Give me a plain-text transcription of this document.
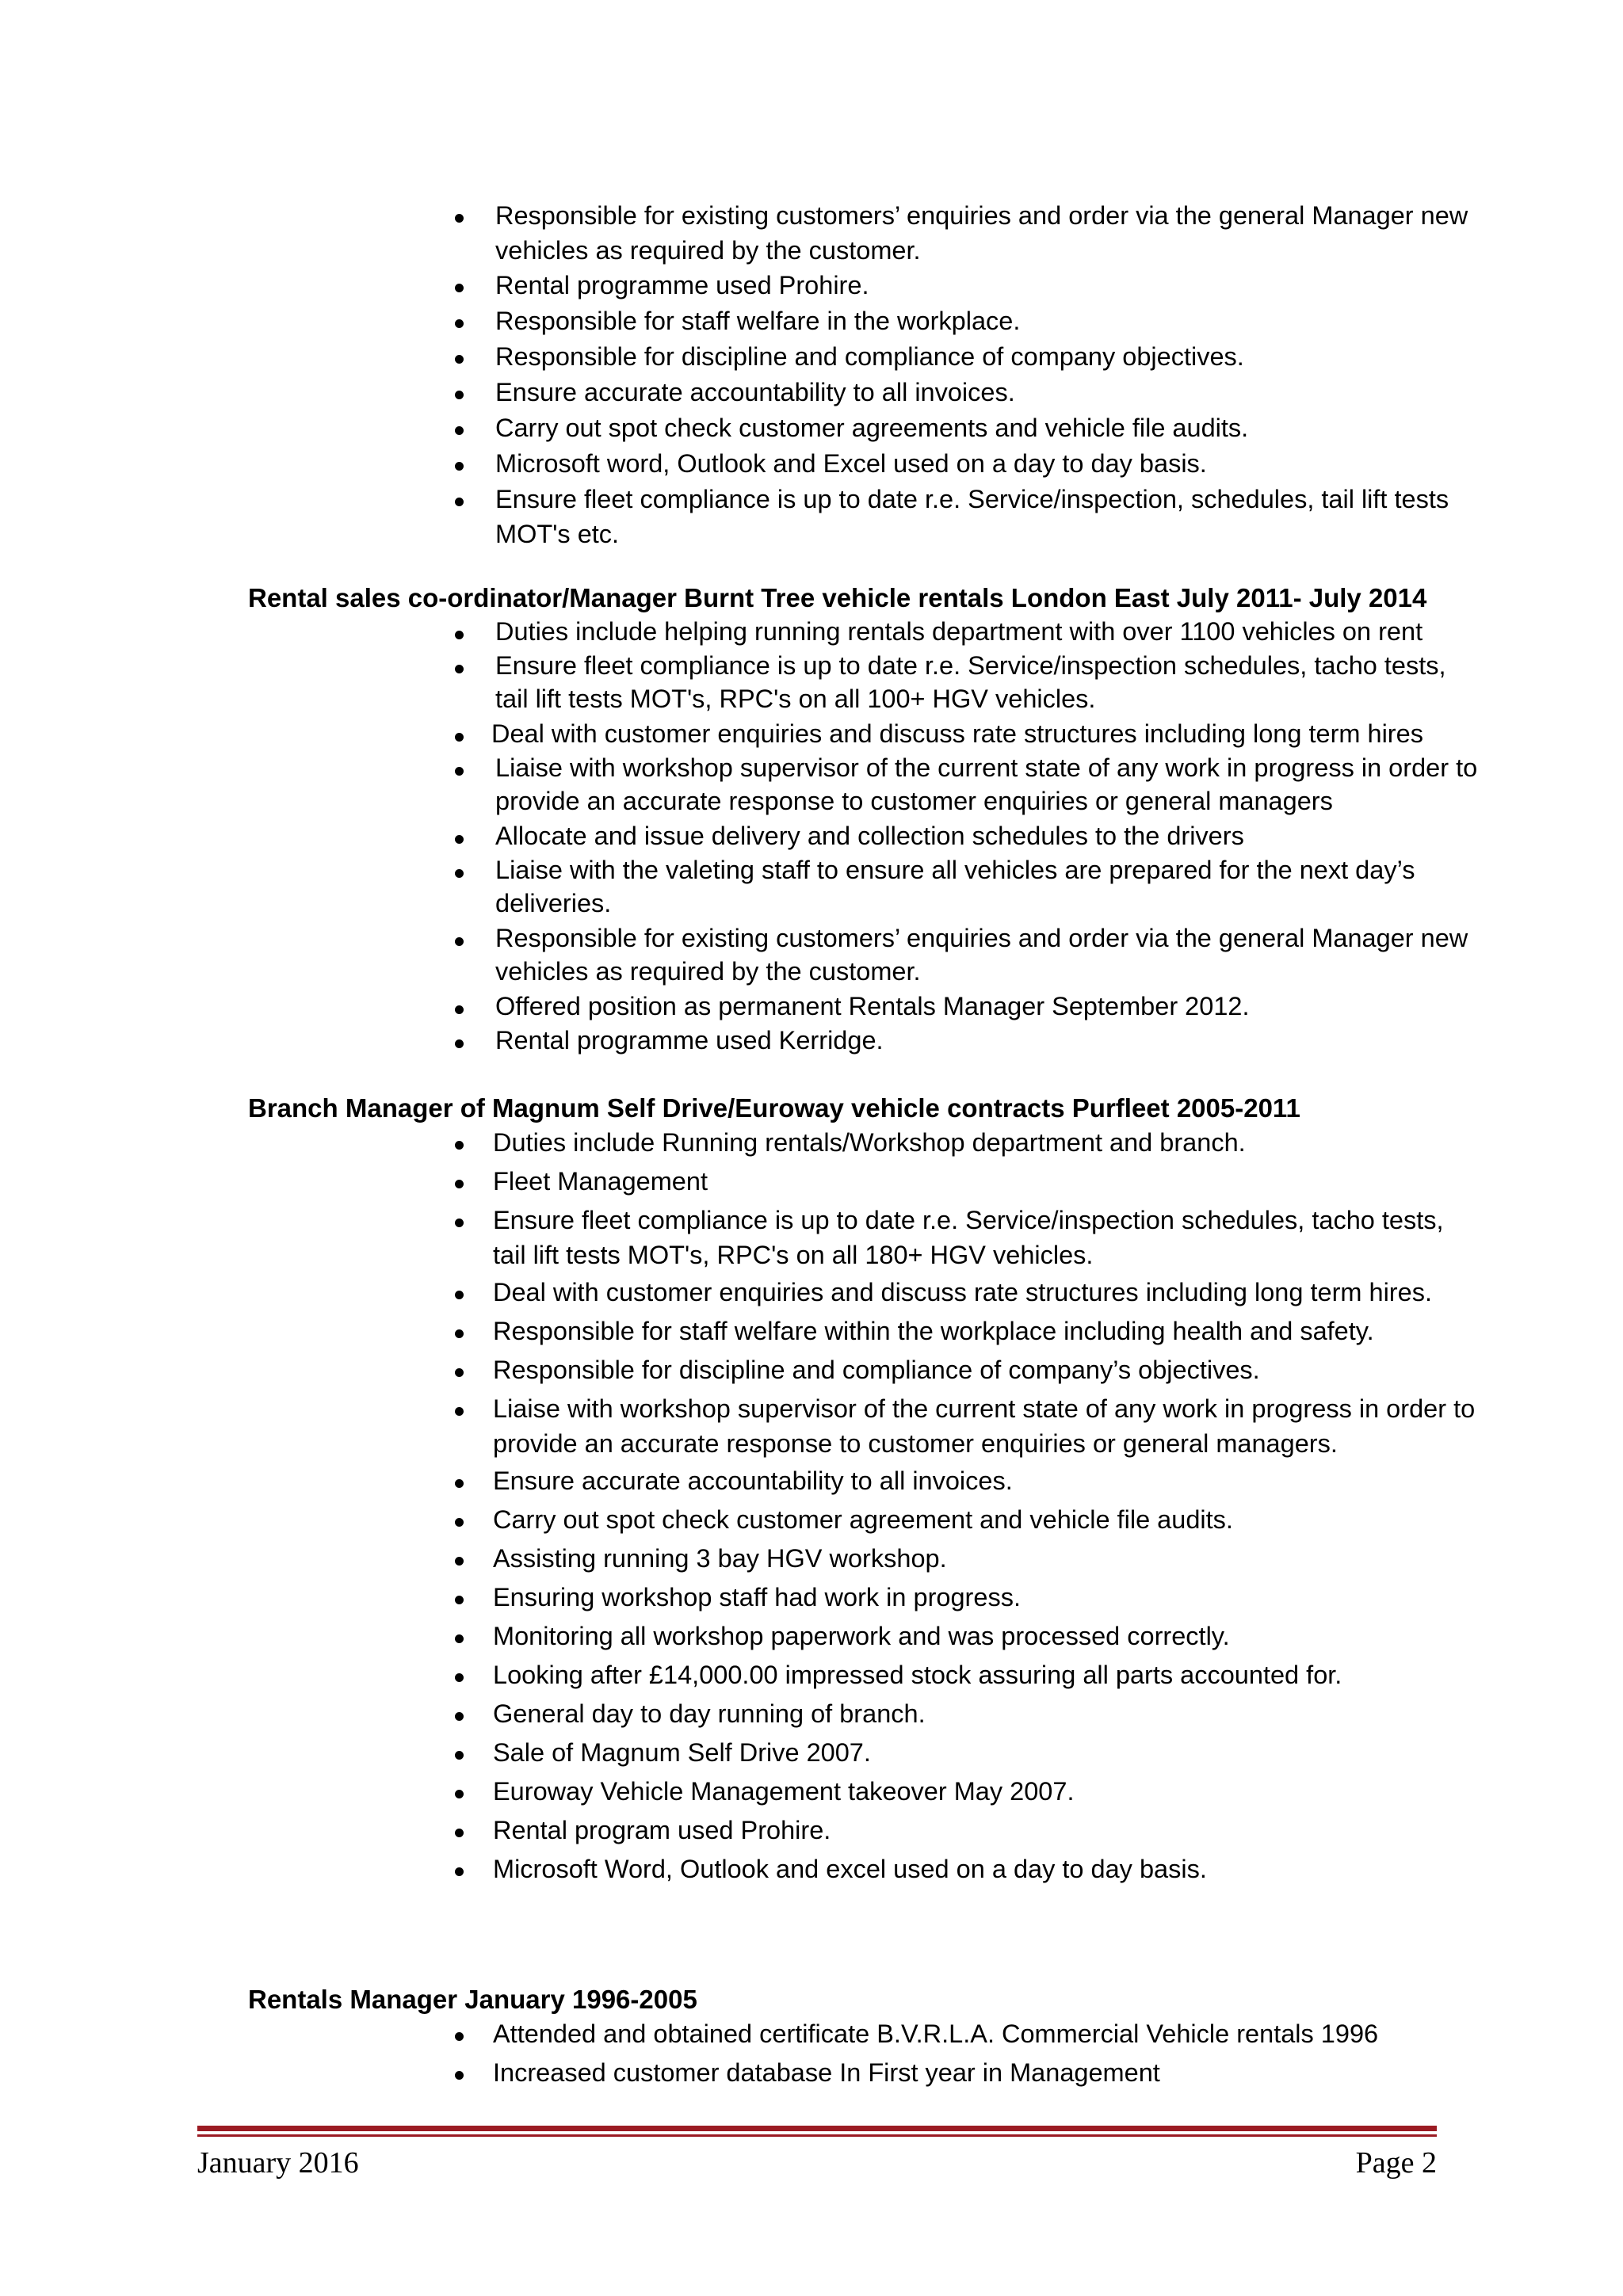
Responsible for existing customers’ enquiries and order via the general Manager new vehicles as required by the customer.
Rental programme used Prohire.
Responsible for staff welfare in the workplace.
Responsible for discipline and compliance of company objectives.
Ensure accurate accountability to all invoices.
Carry out spot check customer agreements and vehicle file audits.
Microsoft word, Outlook and Excel used on a day to day basis.
Ensure fleet compliance is up to date r.e. Service/inspection, schedules, tail lift tests MOT's etc.
Rental sales co-ordinator/Manager Burnt Tree vehicle rentals London East July 2011- July 2014
Duties include helping running rentals department with over 1100 vehicles on rent
Ensure fleet compliance is up to date r.e. Service/inspection schedules, tacho tests, tail lift tests MOT's, RPC's on all 100+ HGV vehicles.
Deal with customer enquiries and discuss rate structures including long term hires
Liaise with workshop supervisor of the current state of any work in progress in order to provide an accurate response to customer enquiries or general managers
Allocate and issue delivery and collection schedules to the drivers
Liaise with the valeting staff to ensure all vehicles are prepared for the next day’s deliveries.
Responsible for existing customers’ enquiries and order via the general Manager new vehicles as required by the customer.
Offered position as permanent Rentals Manager September 2012.
Rental programme used Kerridge.
Branch Manager of Magnum Self Drive/Euroway vehicle contracts Purfleet 2005-2011
Duties include Running rentals/Workshop department and branch.
Fleet Management
Ensure fleet compliance is up to date r.e. Service/inspection schedules, tacho tests, tail lift tests MOT's, RPC's on all 180+ HGV vehicles.
Deal with customer enquiries and discuss rate structures including long term hires.
Responsible for staff welfare within the workplace including health and safety.
Responsible for discipline and compliance of company’s objectives.
Liaise with workshop supervisor of the current state of any work in progress in order to provide an accurate response to customer enquiries or general managers.
Ensure accurate accountability to all invoices.
Carry out spot check customer agreement and vehicle file audits.
Assisting running 3 bay HGV workshop.
Ensuring workshop staff had work in progress.
Monitoring all workshop paperwork and was processed correctly.
Looking after £14,000.00 impressed stock assuring all parts accounted for.
General day to day running of branch.
Sale of Magnum Self Drive 2007.
Euroway Vehicle Management takeover May 2007.
Rental program used Prohire.
Microsoft Word, Outlook and excel used on a day to day basis.
Rentals Manager January 1996-2005
Attended and obtained certificate B.V.R.L.A. Commercial Vehicle rentals 1996
Increased customer database In First year in Management
January 2016	Page 2
